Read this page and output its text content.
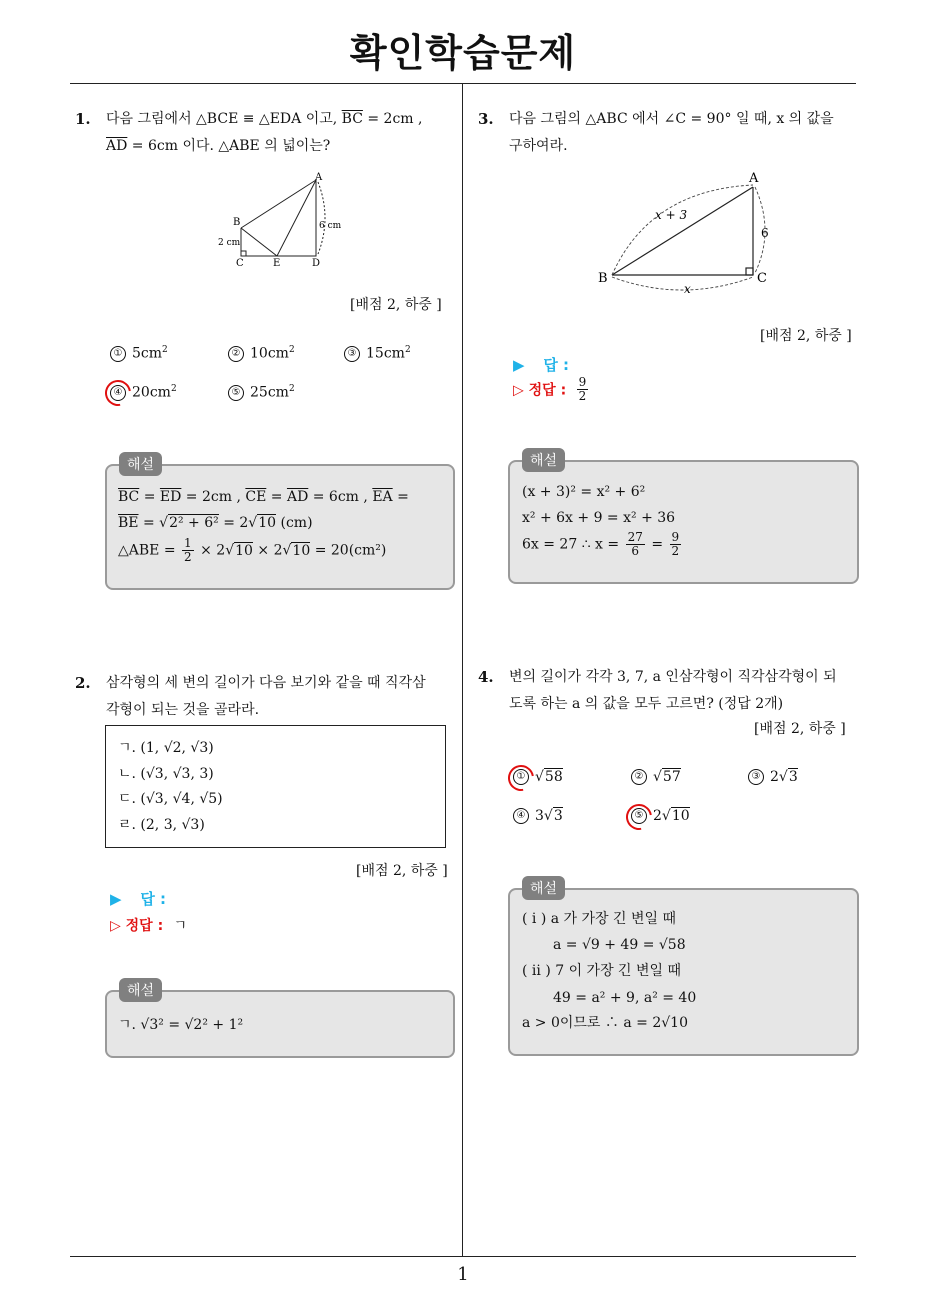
확인학습문제
1
1. 다음 그림에서 △BCE ≡ △EDA 이고, $\overline{BC} = 2cm$ ,
$\overline{AD} = 6cm$ 이다. △ABE 의 넓이는?
A
B
C	D
E
2 cm
6 cm
[배점 2, 하중 ]
① $5cm^2$	② $10cm^2$	③ $15cm^2$
④ $20cm^2$	⑤ $25cm^2$
해설
$\overline{BC} = \overline{ED} = 2cm$ , $\overline{CE} = \overline{AD} = 6cm$ , $\overline{EA}$ =
$\overline{BE} = √2^2 + 6^2 = 2√10$ (cm)
△ABE = $\frac{1}{2} \times 2√10 \times 2√10 = 20(cm^2)$
2. 삼각형의 세 변의 길이가 다음 보기와 같을 때 직각삼
각형이 되는 것을 골라라.
ㄱ. (1, √2, √3)
ㄴ. (√3, √3, 3)
ㄷ. (√3, √4, √5)
ㄹ. (2, 3, √3)
[배점 2, 하중 ]
▶ 답 :
▷ 정답 : ㄱ
해설
ㄱ. √3² = √2² + 1²
3. 다음 그림의 △ABC 에서 ∠C = 90° 일 때, x 의 값을
구하여라.
A
B	C
x + 3
6
x
[배점 2, 하중 ]
▶ 답 :
▷ 정답 : $\frac{9}{2}$
해설
(x + 3)² = x² + 6²
x² + 6x + 9 = x² + 36
6x = 27 ∴ $x = \frac{27}{6} = \frac{9}{2}$
4. 변의 길이가 각각 3, 7, a 인삼각형이 직각삼각형이 되
도록 하는 a 의 값을 모두 고르면? (정답 2개)
[배점 2, 하중 ]
① √58	② √57	③ 2√3
④ 3√3	⑤ 2√10
해설
( i ) a 가 가장 긴 변일 때
a = √9 + 49 = √58
( ii ) 7 이 가장 긴 변일 때
49 = a² + 9, a² = 40
a > 0이므로 ∴ a = 2√10
